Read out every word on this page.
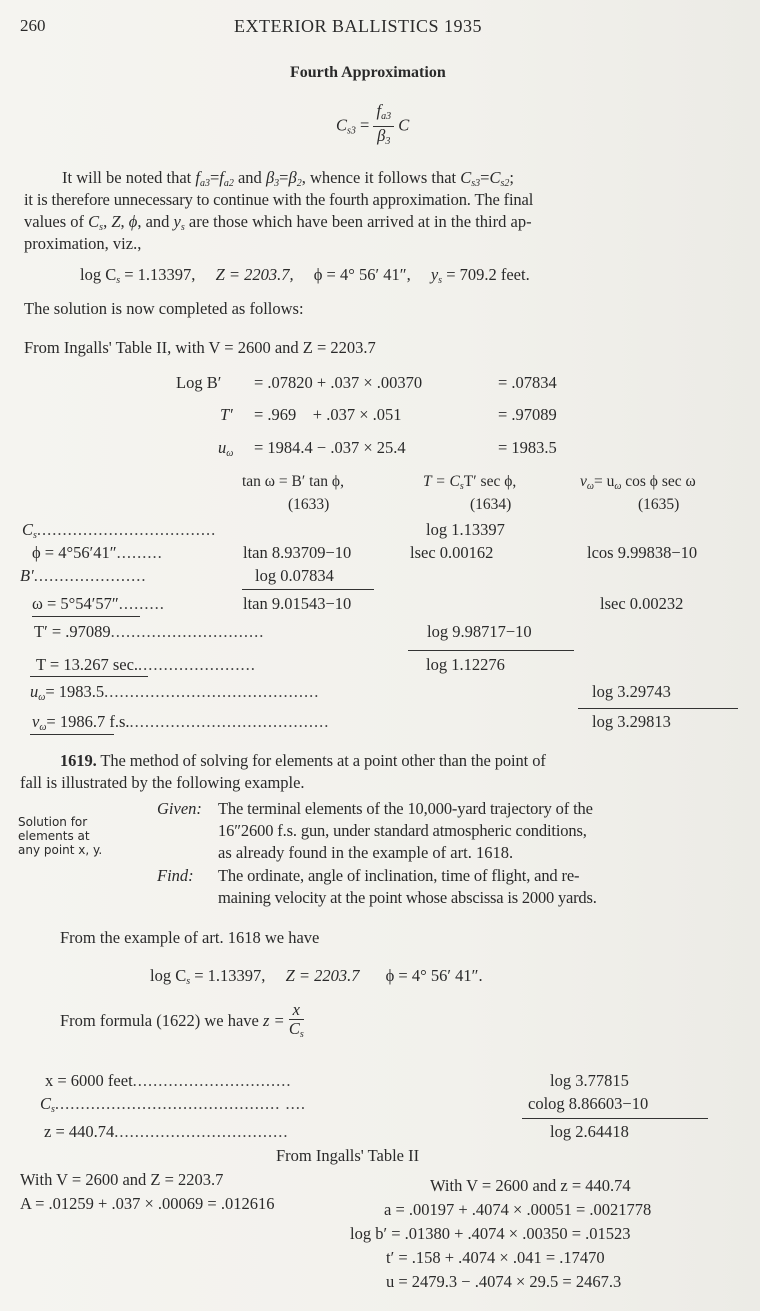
260	EXTERIOR BALLISTICS 1935
Fourth Approximation
$C_{s3} = \frac{f_{a3}}{\beta_3}$ C
It will be noted that $f_{a3}=f_{a2}$ and $\beta_3=\beta_2$, whence it follows that $C_{s3}=C_{s2}$;
it is therefore unnecessary to continue with the fourth approximation. The final
values of $C_s$, Z, ϕ, and $y_s$ are those which have been arrived at in the third ap-
proximation, viz.,
$\log C_s = 1.13397$, Z = 2203.7, ϕ = 4° 56′ 41″, $y_s = 709.2$ feet.
The solution is now completed as follows:
From Ingalls' Table II, with V = 2600 and Z = 2203.7
Log B′ = .07820 + .037 × .00370	= .07834
T′ = .969    + .037 × .051	= .97089
$u_\omega = 1984.4 - .037 \times 25.4$	= 1983.5
tan ω = B′ tan ϕ,
(1633)
$T = C_sT'$ sec ϕ,
(1634)
$v_\omega= u_\omega$ cos ϕ sec ω
(1635)
$C_s$...................................	log 1.13397
ϕ = 4°56′41″.........	ltan 8.93709−10	lsec 0.00162	lcos 9.99838−10
B′......................	log 0.07834
ω = 5°54′57″.........	ltan 9.01543−10	lsec 0.00232
T′ = .97089..............................	log 9.98717−10
T = 13.267 sec........................	log 1.12276
$u_\omega= 1983.5$..........................................	log 3.29743
$v_\omega= 1986.7$ f.s........................................	log 3.29813
1619. The method of solving for elements at a point other than the point of
fall is illustrated by the following example.
Given: The terminal elements of the 10,000-yard trajectory of the
16″2600 f.s. gun, under standard atmospheric conditions,
as already found in the example of art. 1618.
Find: The ordinate, angle of inclination, time of flight, and re-
maining velocity at the point whose abscissa is 2000 yards.
Solution for
elements at
any point x, y.
From the example of art. 1618 we have
$\log C_s = 1.13397$, Z = 2203.7 ϕ = 4° 56′ 41″.
From formula (1622) we have $z = \frac{x}{C_s}$
x = 6000 feet...............................	log 3.77815
$C_s$............................................ ....	colog 8.86603−10
z = 440.74..................................	log 2.64418
From Ingalls' Table II
With V = 2600 and Z = 2203.7
A = .01259 + .037 × .00069 = .012616
With V = 2600 and z = 440.74
a = .00197 + .4074 × .00051 = .0021778
log b′ = .01380 + .4074 × .00350 = .01523
t′ = .158 + .4074 × .041 = .17470
u = 2479.3 − .4074 × 29.5 = 2467.3
